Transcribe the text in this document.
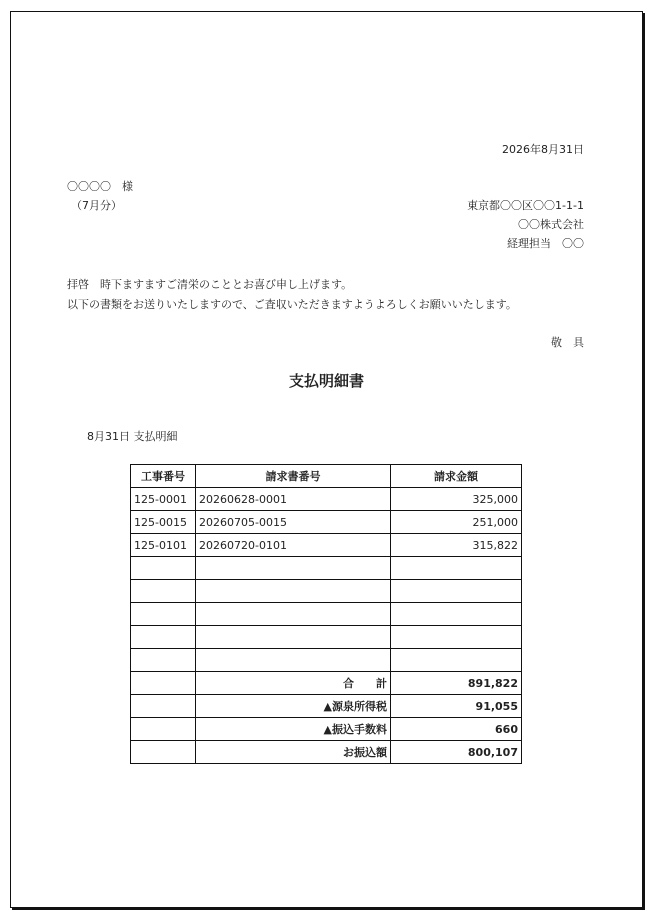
2026年8月31日
〇〇〇〇　様
（7月分）	東京都〇〇区〇〇1-1-1
〇〇株式会社
経理担当　〇〇
拝啓　時下ますますご清栄のこととお喜び申し上げます。
以下の書類をお送りいたしますので、ご査収いただきますようよろしくお願いいたします。
敬　具
支払明細書
8月31日 支払明細
工事番号	請求書番号	請求金額
125-0001	20260628-0001	325,000
125-0015	20260705-0015	251,000
125-0101	20260720-0101	315,822

	合　　計	891,822
	▲源泉所得税	91,055
	▲振込手数料	660
	お振込額	800,107
